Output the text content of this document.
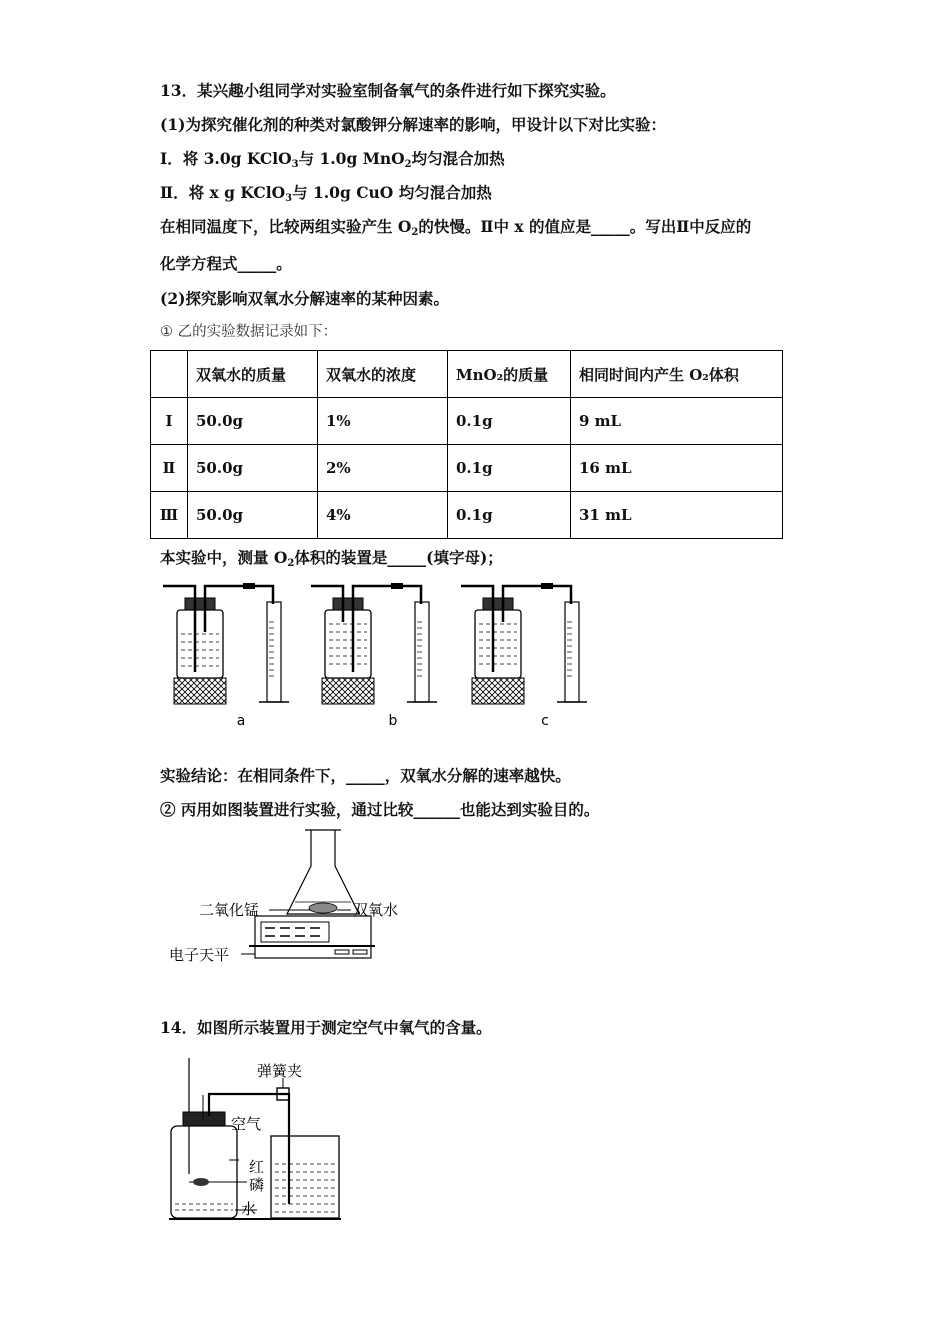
13．某兴趣小组同学对实验室制备氧气的条件进行如下探究实验。
(1)为探究催化剂的种类对氯酸钾分解速率的影响，甲设计以下对比实验：
Ⅰ．将 3.0g KClO$_3$与 1.0g MnO$_2$均匀混合加热
Ⅱ．将 x g KClO$_3$与 1.0g CuO 均匀混合加热
在相同温度下，比较两组实验产生 $O_2$的快慢。Ⅱ中 x 的值应是_____。写出Ⅱ中反应的
化学方程式_____。
(2)探究影响双氧水分解速率的某种因素。
① 乙的实验数据记录如下：
	双氧水的质量	双氧水的浓度	MnO₂的质量	相同时间内产生 O₂体积
Ⅰ	50.0g	1%	0.1g	9 mL
Ⅱ	50.0g	2%	0.1g	16 mL
Ⅲ	50.0g	4%	0.1g	31 mL
本实验中，测量 $O_2$体积的装置是_____(填字母)；
a	b	c
实验结论：在相同条件下，_____，双氧水分解的速率越快。
② 丙用如图装置进行实验，通过比较______也能达到实验目的。
二氧化锰	双氧水
电子天平
14．如图所示装置用于测定空气中氧气的含量。
弹簧夹
空气
红
磷
水
